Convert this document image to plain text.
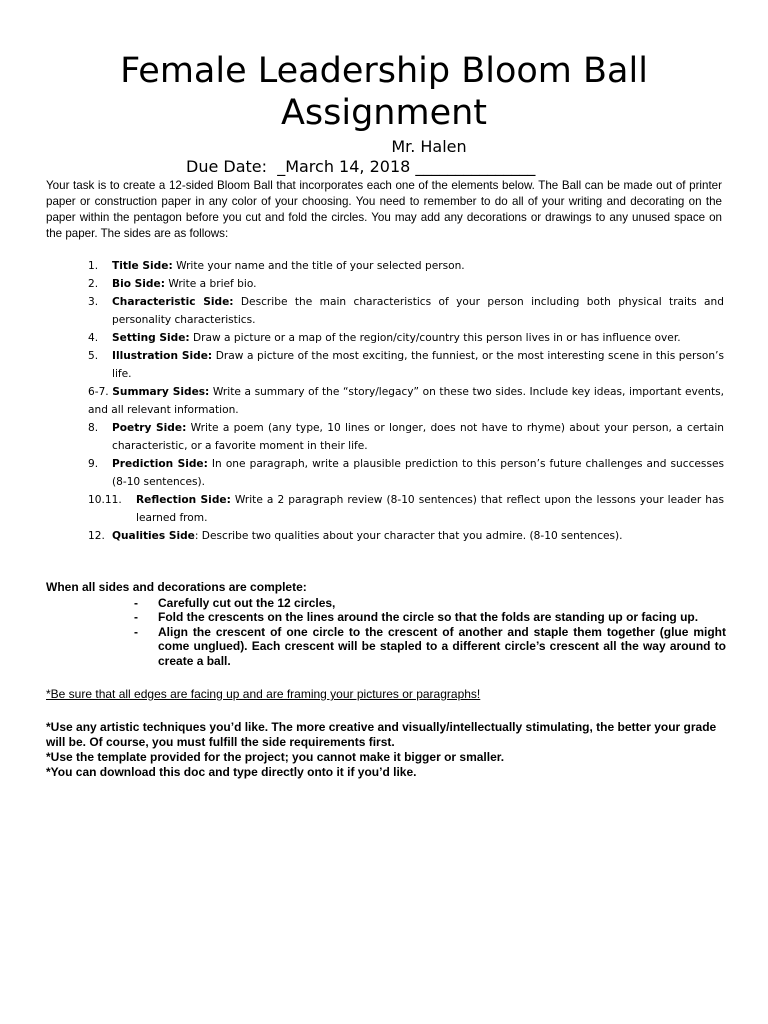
Female Leadership Bloom Ball
Assignment
Mr. Halen
Due Date:  _March 14, 2018 _______________
Your task is to create a 12-sided Bloom Ball that incorporates each one of the elements below. The Ball can be made out of printer paper or construction paper in any color of your choosing. You need to remember to do all of your writing and decorating on the paper within the pentagon before you cut and fold the circles. You may add any decorations or drawings to any unused space on the paper. The sides are as follows:
1. Title Side: Write your name and the title of your selected person.
2. Bio Side: Write a brief bio.
3. Characteristic Side: Describe the main characteristics of your person including both physical traits and personality characteristics.
4. Setting Side: Draw a picture or a map of the region/city/country this person lives in or has influence over.
5. Illustration Side: Draw a picture of the most exciting, the funniest, or the most interesting scene in this person’s life.
6-7. Summary Sides: Write a summary of the “story/legacy” on these two sides. Include key ideas, important events, and all relevant information.
8. Poetry Side: Write a poem (any type, 10 lines or longer, does not have to rhyme) about your person, a certain characteristic, or a favorite moment in their life.
9. Prediction Side: In one paragraph, write a plausible prediction to this person’s future challenges and successes (8-10 sentences).
10.11. Reflection Side: Write a 2 paragraph review (8-10 sentences) that reflect upon the lessons your leader has learned from.
12. Qualities Side: Describe two qualities about your character that you admire. (8-10 sentences).
When all sides and decorations are complete:
- Carefully cut out the 12 circles,
- Fold the crescents on the lines around the circle so that the folds are standing up or facing up.
- Align the crescent of one circle to the crescent of another and staple them together (glue might come unglued). Each crescent will be stapled to a different circle’s crescent all the way around to create a ball.
*Be sure that all edges are facing up and are framing your pictures or paragraphs!
*Use any artistic techniques you’d like. The more creative and visually/intellectually stimulating, the better your grade will be. Of course, you must fulfill the side requirements first.
*Use the template provided for the project; you cannot make it bigger or smaller.
*You can download this doc and type directly onto it if you’d like.
